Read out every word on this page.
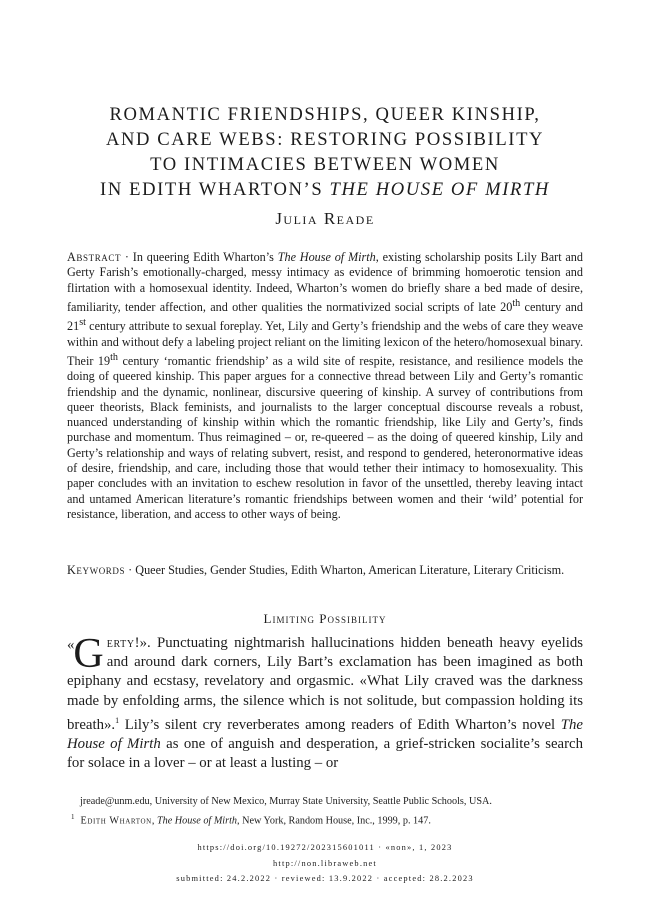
ROMANTIC FRIENDSHIPS, QUEER KINSHIP,
AND CARE WEBS: RESTORING POSSIBILITY
TO INTIMACIES BETWEEN WOMEN
IN EDITH WHARTON’S THE HOUSE OF MIRTH
Julia Reade
Abstract · In queering Edith Wharton’s The House of Mirth, existing scholarship posits Lily Bart and Gerty Farish’s emotionally-charged, messy intimacy as evidence of brimming homoerotic tension and flirtation with a homosexual identity. Indeed, Wharton’s women do briefly share a bed made of desire, familiarity, tender affection, and other qualities the normativized social scripts of late 20th century and 21st century attribute to sexual foreplay. Yet, Lily and Gerty’s friendship and the webs of care they weave within and without defy a labeling project reliant on the limiting lexicon of the hetero/homosexual binary. Their 19th century ‘romantic friendship’ as a wild site of respite, resistance, and resilience models the doing of queered kinship. This paper argues for a connective thread between Lily and Gerty’s romantic friendship and the dynamic, nonlinear, discursive queering of kinship. A survey of contributions from queer theorists, Black feminists, and journalists to the larger conceptual discourse reveals a robust, nuanced understanding of kinship within which the romantic friendship, like Lily and Gerty’s, finds purchase and momentum. Thus reimagined – or, re-queered – as the doing of queered kinship, Lily and Gerty’s relationship and ways of relating subvert, resist, and respond to gendered, heteronormative ideas of desire, friendship, and care, including those that would tether their intimacy to homosexuality. This paper concludes with an invitation to eschew resolution in favor of the unsettled, thereby leaving intact and untamed American literature’s romantic friendships between women and their ‘wild’ potential for resistance, liberation, and access to other ways of being.
Keywords · Queer Studies, Gender Studies, Edith Wharton, American Literature, Literary Criticism.
Limiting Possibility
« G erty!». Punctuating nightmarish hallucinations hidden beneath heavy eyelids and around dark corners, Lily Bart’s exclamation has been imagined as both epiphany and ecstasy, revelatory and orgasmic. «What Lily craved was the darkness made by enfolding arms, the silence which is not solitude, but compassion holding its breath».$^1$ Lily’s silent cry reverberates among readers of Edith Wharton’s novel The House of Mirth as one of anguish and desperation, a grief-stricken socialite’s search for solace in a lover – or at least a lusting – or

jreade@unm.edu, University of New Mexico, Murray State University, Seattle Public Schools, USA.

$^1$ Edith Wharton, The House of Mirth, New York, Random House, Inc., 1999, p. 147.

https://doi.org/10.19272/202315601011 · «non», 1, 2023

http://non.libraweb.net

submitted: 24.2.2022 · reviewed: 13.9.2022 · accepted: 28.2.2023
